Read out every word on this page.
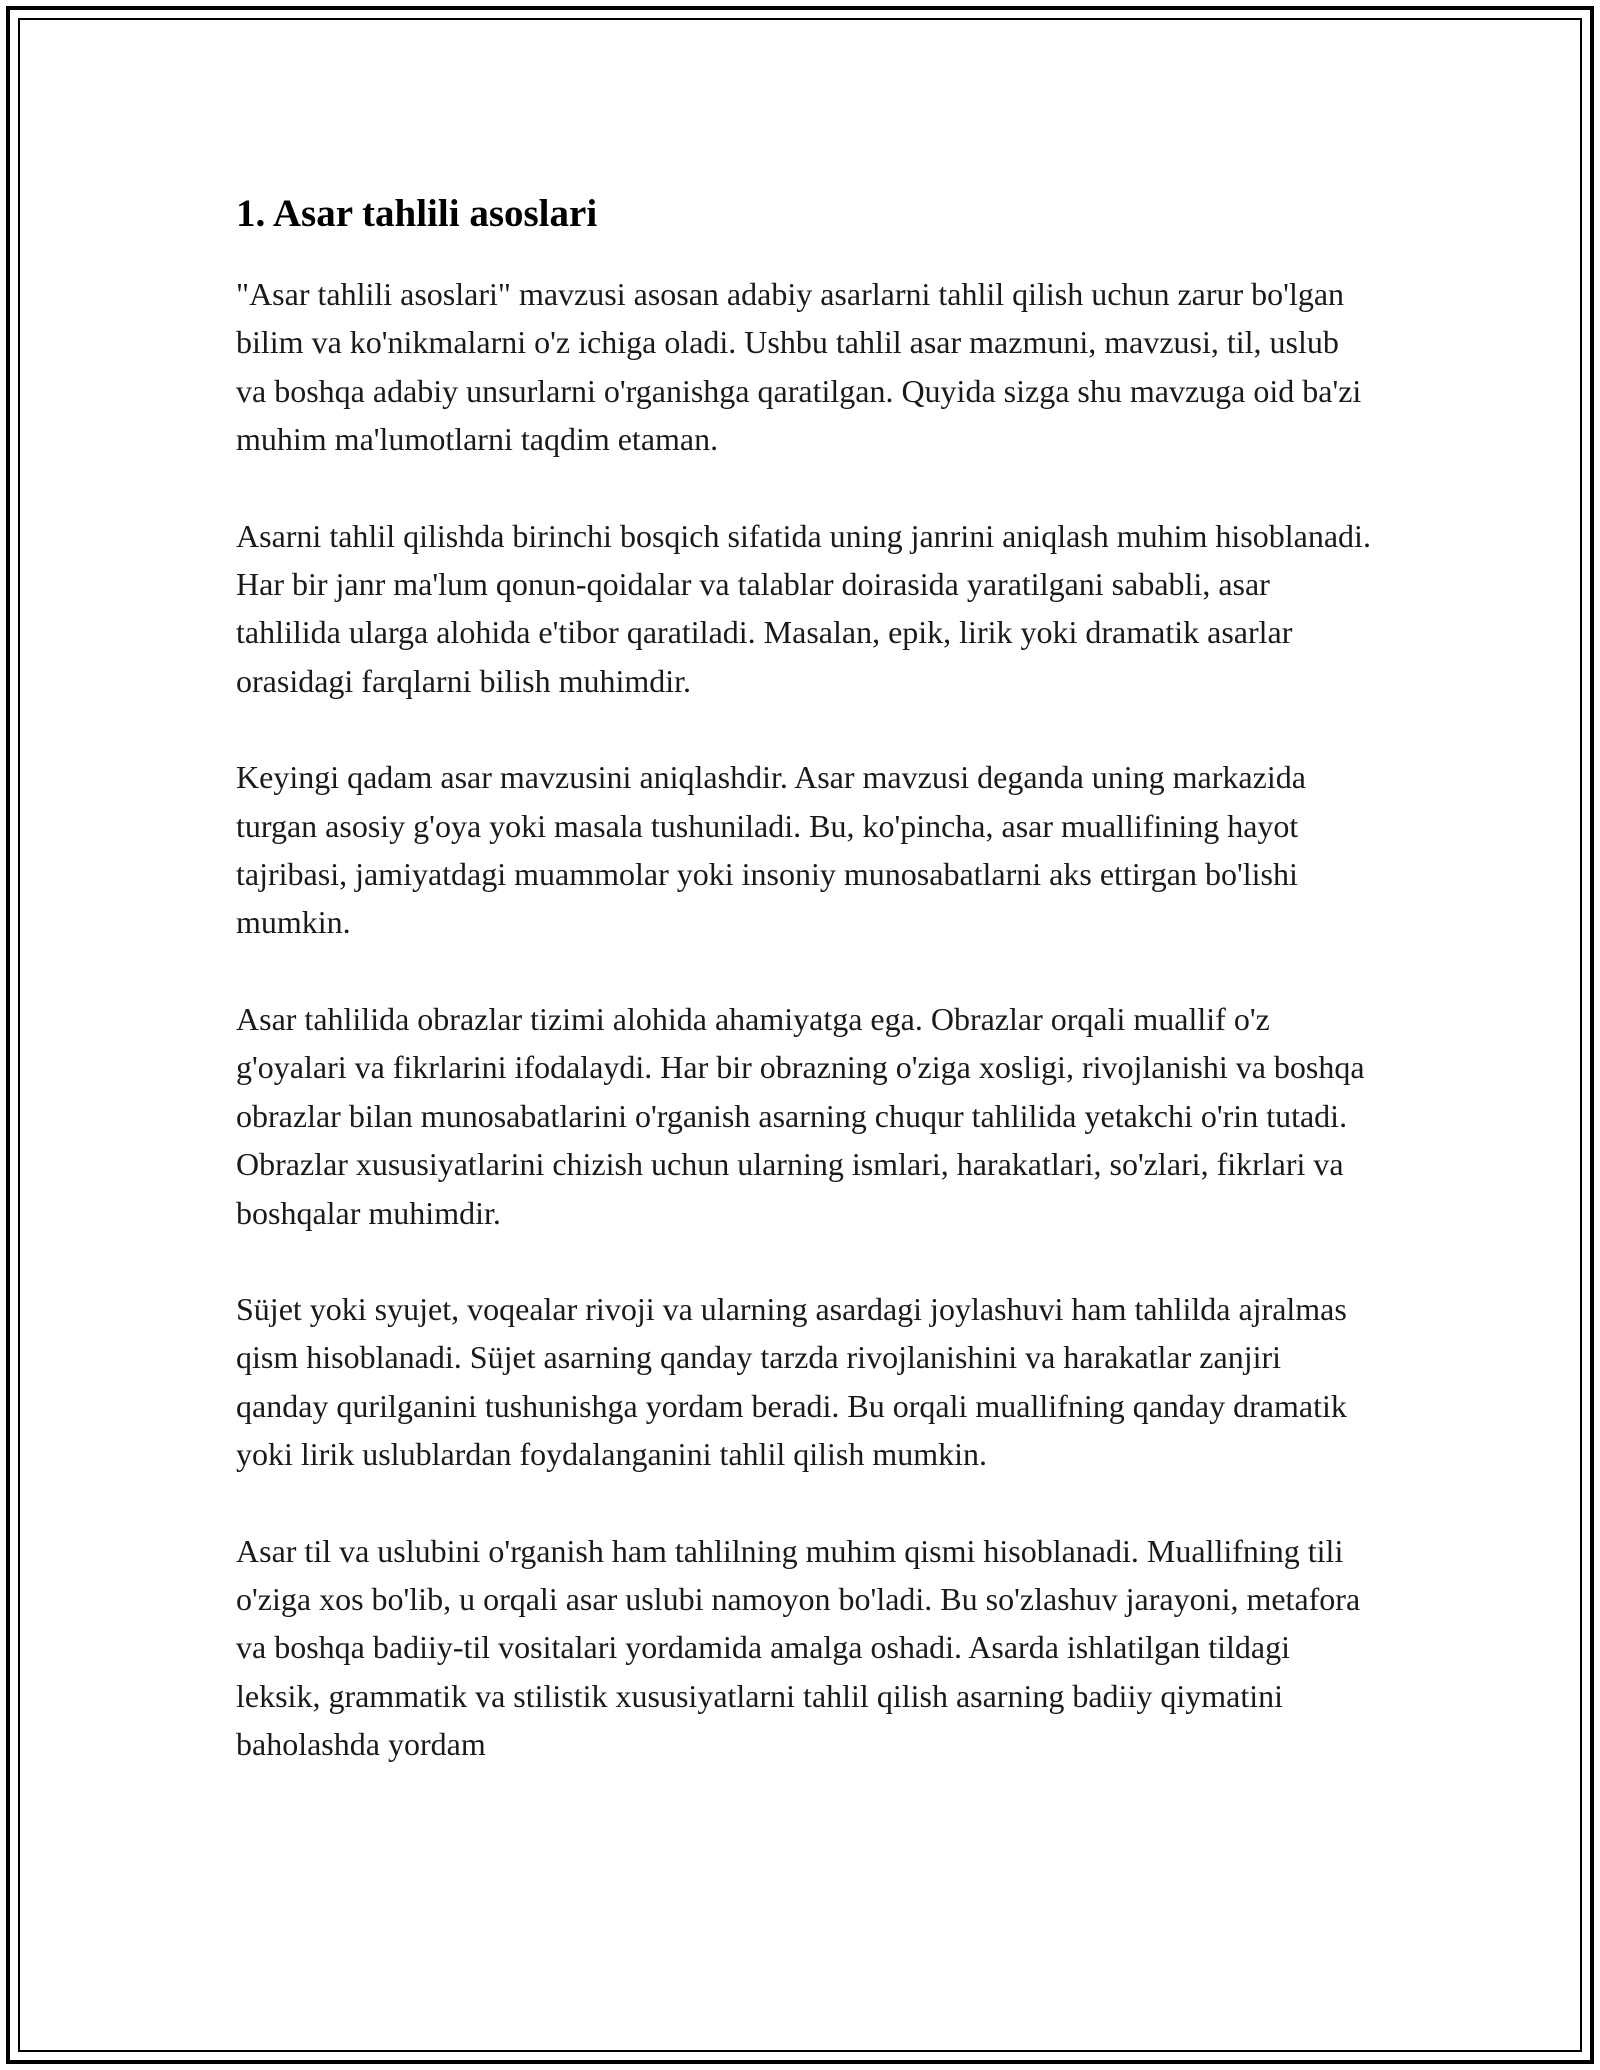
1. Asar tahlili asoslari

"Asar tahlili asoslari" mavzusi asosan adabiy asarlarni tahlil qilish uchun zarur bo'lgan bilim va ko'nikmalarni o'z ichiga oladi. Ushbu tahlil asar mazmuni, mavzusi, til, uslub va boshqa adabiy unsurlarni o'rganishga qaratilgan. Quyida sizga shu mavzuga oid ba'zi muhim ma'lumotlarni taqdim etaman.

Asarni tahlil qilishda birinchi bosqich sifatida uning janrini aniqlash muhim hisoblanadi. Har bir janr ma'lum qonun-qoidalar va talablar doirasida yaratilgani sababli, asar tahlilida ularga alohida e'tibor qaratiladi. Masalan, epik, lirik yoki dramatik asarlar orasidagi farqlarni bilish muhimdir.

Keyingi qadam asar mavzusini aniqlashdir. Asar mavzusi deganda uning markazida turgan asosiy g'oya yoki masala tushuniladi. Bu, ko'pincha, asar muallifining hayot tajribasi, jamiyatdagi muammolar yoki insoniy munosabatlarni aks ettirgan bo'lishi mumkin.

Asar tahlilida obrazlar tizimi alohida ahamiyatga ega. Obrazlar orqali muallif o'z g'oyalari va fikrlarini ifodalaydi. Har bir obrazning o'ziga xosligi, rivojlanishi va boshqa obrazlar bilan munosabatlarini o'rganish asarning chuqur tahlilida yetakchi o'rin tutadi. Obrazlar xususiyatlarini chizish uchun ularning ismlari, harakatlari, so'zlari, fikrlari va boshqalar muhimdir.

Süjet yoki syujet, voqealar rivoji va ularning asardagi joylashuvi ham tahlilda ajralmas qism hisoblanadi. Süjet asarning qanday tarzda rivojlanishini va harakatlar zanjiri qanday qurilganini tushunishga yordam beradi. Bu orqali muallifning qanday dramatik yoki lirik uslublardan foydalanganini tahlil qilish mumkin.

Asar til va uslubini o'rganish ham tahlilning muhim qismi hisoblanadi. Muallifning tili o'ziga xos bo'lib, u orqali asar uslubi namoyon bo'ladi. Bu so'zlashuv jarayoni, metafora va boshqa badiiy-til vositalari yordamida amalga oshadi. Asarda ishlatilgan tildagi leksik, grammatik va stilistik xususiyatlarni tahlil qilish asarning badiiy qiymatini baholashda yordam
